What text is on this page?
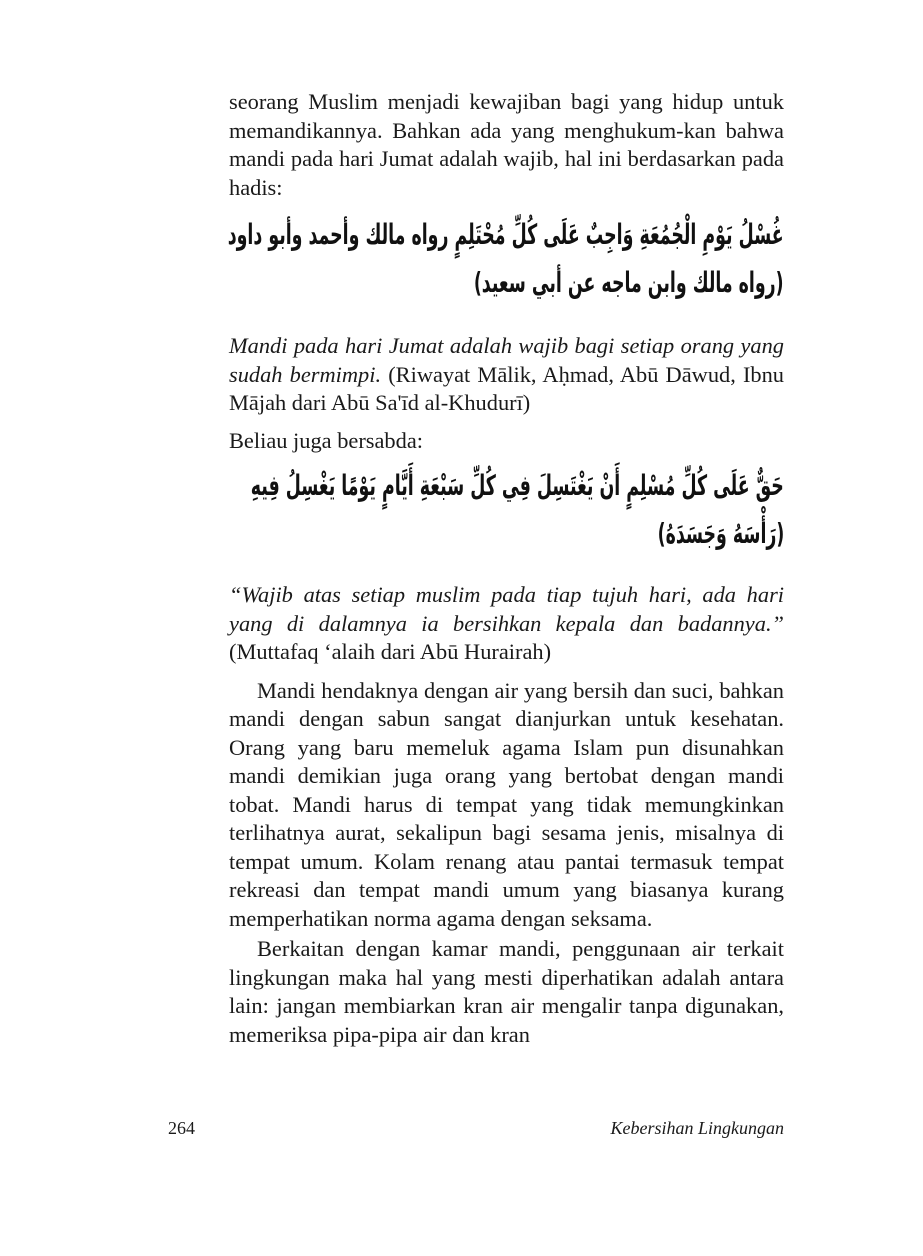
seorang Muslim menjadi kewajiban bagi yang hidup untuk memandikannya. Bahkan ada yang menghukum-kan bahwa mandi pada hari Jumat adalah wajib, hal ini berdasarkan pada hadis:

ﻏُﺴْﻞُ ﻳَﻮْمِ اﻟْﺠُﻤُﻌَﺔِ وَاﺟِﺐٌ ﻋَﻠَﻰ ﻛُﻞِّ ﻣُﺤْﺘَﻠِﻢٍ رواه ﻣﺎﻟﻚ وأﺣﻤﺪ وأﺑﻮ داود
(رواه ﻣﺎﻟﻚ واﺑﻦ ﻣﺎﺟﻪ ﻋﻦ أﺑﻲ ﺳﻌﻴﺪ)

Mandi pada hari Jumat adalah wajib bagi setiap orang yang sudah bermimpi. (Riwayat Mālik, Aḥmad, Abū Dāwud, Ibnu Mājah dari Abū Sa'īd al-Khudurī)

Beliau juga bersabda:

ﺣَﻖٌّ ﻋَﻠَﻰ ﻛُﻞِّ ﻣُﺴْﻠِﻢٍ أَنْ ﻳَﻐْﺘَﺴِﻞَ ﻓِﻲ ﻛُﻞِّ ﺳَﺒْﻌَﺔِ أَﻳَّﺎمٍ ﻳَﻮْﻣًﺎ ﻳَﻐْﺴِﻞُ ﻓِﻴﻪِ
(رَأْﺳَﻪُ وَﺟَﺴَﺪَهُ)

“Wajib atas setiap muslim pada tiap tujuh hari, ada hari yang di dalamnya ia bersihkan kepala dan badannya.” (Muttafaq ‘alaih dari Abū Hurairah)

Mandi hendaknya dengan air yang bersih dan suci, bahkan mandi dengan sabun sangat dianjurkan untuk kesehatan. Orang yang baru memeluk agama Islam pun disunahkan mandi demikian juga orang yang bertobat dengan mandi tobat. Mandi harus di tempat yang tidak memungkinkan terlihatnya aurat, sekalipun bagi sesama jenis, misalnya di tempat umum. Kolam renang atau pantai termasuk tempat rekreasi dan tempat mandi umum yang biasanya kurang memperhatikan norma agama dengan seksama.

Berkaitan dengan kamar mandi, penggunaan air terkait lingkungan maka hal yang mesti diperhatikan adalah antara lain: jangan membiarkan kran air mengalir tanpa digunakan, memeriksa pipa-pipa air dan kran

264	Kebersihan Lingkungan
